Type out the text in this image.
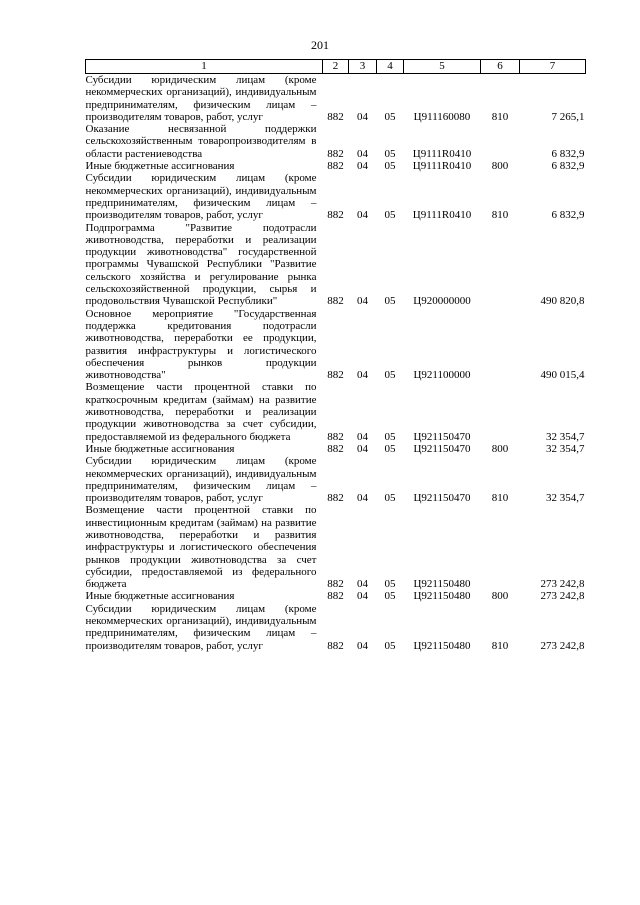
201
1	2	3	4	5	6	7
Субсидии юридическим лицам (кроме некоммерческих организаций), индивидуальным предпринимателям, физическим лицам – производителям товаров, работ, услуг	882	04	05	Ц911160080	810	7 265,1
Оказание несвязанной поддержки сельскохозяйственным товаропроизводителям в области растениеводства	882	04	05	Ц9111R0410		6 832,9
Иные бюджетные ассигнования	882	04	05	Ц9111R0410	800	6 832,9
Субсидии юридическим лицам (кроме некоммерческих организаций), индивидуальным предпринимателям, физическим лицам – производителям товаров, работ, услуг	882	04	05	Ц9111R0410	810	6 832,9
Подпрограмма "Развитие подотрасли животноводства, переработки и реализации продукции животноводства" государственной программы Чувашской Республики "Развитие сельского хозяйства и регулирование рынка сельскохозяйственной продукции, сырья и продовольствия Чувашской Республики"	882	04	05	Ц920000000		490 820,8
Основное мероприятие "Государственная поддержка кредитования подотрасли животноводства, переработки ее продукции, развития инфраструктуры и логистического обеспечения рынков продукции животноводства"	882	04	05	Ц921100000		490 015,4
Возмещение части процентной ставки по краткосрочным кредитам (займам) на развитие животноводства, переработки и реализации продукции животноводства за счет субсидии, предоставляемой из федерального бюджета	882	04	05	Ц921150470		32 354,7
Иные бюджетные ассигнования	882	04	05	Ц921150470	800	32 354,7
Субсидии юридическим лицам (кроме некоммерческих организаций), индивидуальным предпринимателям, физическим лицам – производителям товаров, работ, услуг	882	04	05	Ц921150470	810	32 354,7
Возмещение части процентной ставки по инвестиционным кредитам (займам) на развитие животноводства, переработки и развития инфраструктуры и логистического обеспечения рынков продукции животноводства за счет субсидии, предоставляемой из федерального бюджета	882	04	05	Ц921150480		273 242,8
Иные бюджетные ассигнования	882	04	05	Ц921150480	800	273 242,8
Субсидии юридическим лицам (кроме некоммерческих организаций), индивидуальным предпринимателям, физическим лицам – производителям товаров, работ, услуг	882	04	05	Ц921150480	810	273 242,8
